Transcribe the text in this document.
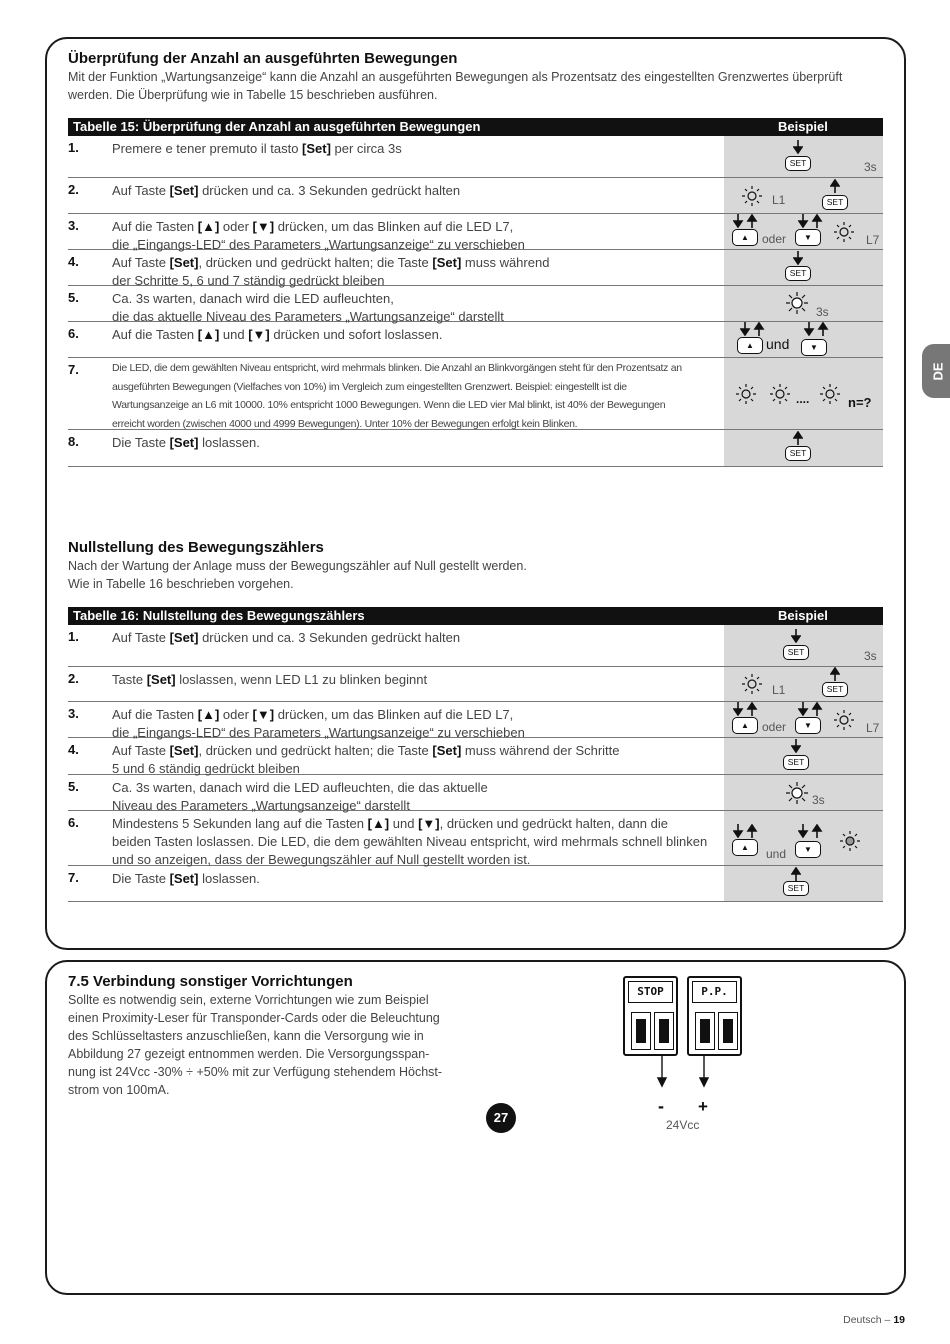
DE
Überprüfung der Anzahl an ausgeführten Bewegungen
Mit der Funktion „Wartungsanzeige“ kann die Anzahl an ausgeführten Bewegungen als Prozentsatz des eingestellten Grenzwertes überprüft
werden. Die Überprüfung wie in Tabelle 15 beschrieben ausführen.
Tabelle 15: Überprüfung der Anzahl an ausgeführten Bewegungen	Beispiel
1.	Premere e tener premuto il tasto [Set] per circa 3s
SET	3s
2.	Auf Taste [Set] drücken und ca. 3 Sekunden gedrückt halten
L1	SET
3.	Auf die Tasten [▲] oder [▼] drücken, um das Blinken auf die LED L7,
die „Eingangs-LED“ des Parameters „Wartungsanzeige“ zu verschieben	▲	oder	▼	L7
4.	Auf Taste [Set], drücken und gedrückt halten; die Taste [Set] muss während
der Schritte 5, 6 und 7 ständig gedrückt bleiben	SET
5.	Ca. 3s warten, danach wird die LED aufleuchten,
die das aktuelle Niveau des Parameters „Wartungsanzeige“ darstellt	3s
6.	Auf die Tasten [▲] und [▼] drücken und sofort loslassen.
▲ und	▼
7.	Die LED, die dem gewählten Niveau entspricht, wird mehrmals blinken. Die Anzahl an Blinkvorgängen steht für den Prozentsatz an
ausgeführten Bewegungen (Vielfaches von 10%) im Vergleich zum eingestellten Grenzwert. Beispiel: eingestellt ist die
Wartungsanzeige an L6 mit 10000. 10% entspricht 1000 Bewegungen. Wenn die LED vier Mal blinkt, ist 40% der Bewegungen
erreicht worden (zwischen 4000 und 4999 Bewegungen). Unter 10% der Bewegungen erfolgt kein Blinken.
....	n=?
8.	Die Taste [Set] loslassen.
SET
Nullstellung des Bewegungszählers
Nach der Wartung der Anlage muss der Bewegungszähler auf Null gestellt werden.
Wie in Tabelle 16 beschrieben vorgehen.
Tabelle 16: Nullstellung des Bewegungszählers	Beispiel
1.	Auf Taste [Set] drücken und ca. 3 Sekunden gedrückt halten
SET	3s
2.	Taste [Set] loslassen, wenn LED L1 zu blinken beginnt
L1	SET
3.	Auf die Tasten [▲] oder [▼] drücken, um das Blinken auf die LED L7,
die „Eingangs-LED“ des Parameters „Wartungsanzeige“ zu verschieben	▲	oder	▼	L7
4.	Auf Taste [Set], drücken und gedrückt halten; die Taste [Set] muss während der Schritte
5 und 6 ständig gedrückt bleiben	SET
5.	Ca. 3s warten, danach wird die LED aufleuchten, die das aktuelle
Niveau des Parameters „Wartungsanzeige“ darstellt	3s
6.	Mindestens 5 Sekunden lang auf die Tasten [▲] und [▼], drücken und gedrückt halten, dann die
beiden Tasten loslassen. Die LED, die dem gewählten Niveau entspricht, wird mehrmals schnell blinken
und so anzeigen, dass der Bewegungszähler auf Null gestellt worden ist.
▲	und	▼
7.	Die Taste [Set] loslassen.
SET
7.5 Verbindung sonstiger Vorrichtungen
Sollte es notwendig sein, externe Vorrichtungen wie zum Beispiel
einen Proximity-Leser für Transponder-Cards oder die Beleuchtung
des Schlüsseltasters anzuschließen, kann die Versorgung wie in
Abbildung 27 gezeigt entnommen werden. Die Versorgungsspan-
nung ist 24Vcc -30% ÷ +50% mit zur Verfügung stehendem Höchst-
strom von 100mA.
STOP	P.P.
- +
24Vcc
27
Deutsch – 19
